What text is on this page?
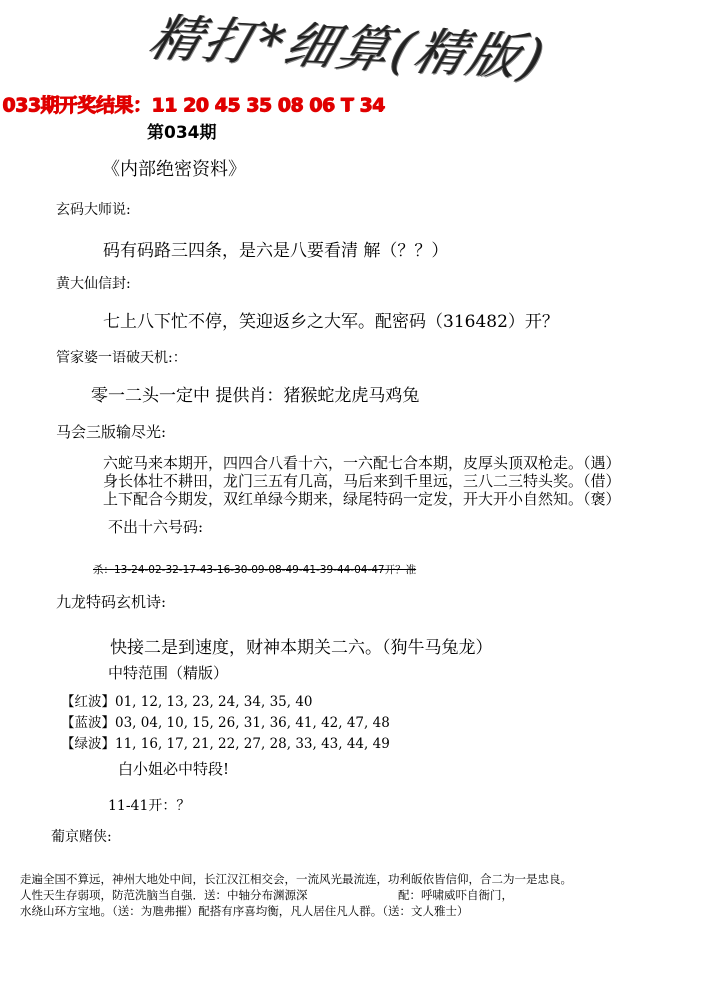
精打*细算(精版)
033期开奖结果：11 20 45 35 08 06 T 34
第034期
《内部绝密资料》
玄码大师说:
码有码路三四条，是六是八要看清 解（？？）
黄大仙信封:
七上八下忙不停，笑迎返乡之大军。配密码（316482）开？
管家婆一语破天机:：
零一二头一定中 提供肖：猪猴蛇龙虎马鸡兔
马会三版输尽光:
六蛇马来本期开，四四合八看十六，一六配七合本期，皮厚头顶双枪走。（遇）
身长体壮不耕田，龙门三五有几高，马后来到千里远，三八二三特头奖。（借）
上下配合今期发，双红单绿今期来，绿尾特码一定发，开大开小自然知。（褒）
不出十六号码:
杀：13-24-02-32-17-43-16-30-09-08-49-41-39-44-04-47开？准
九龙特码玄机诗:
快接二是到速度，财神本期关二六。（狗牛马兔龙）
中特范围（精版）
【红波】01, 12, 13, 23, 24, 34, 35, 40
【蓝波】03, 04, 10, 15, 26, 31, 36, 41, 42, 47, 48
【绿波】11, 16, 17, 21, 22, 27, 28, 33, 43, 44, 49
白小姐必中特段!
11-41开：？
葡京赌侠:
走遍全国不算远，神州大地处中间，长江汉江相交会，一流风光最流连，功利皈依皆信仰，合二为一是忠良。
人性天生存弱项，防范洗脑当自强．送：中轴分布渊源深	配：呼啸威吓自衙门，
水绕山环方宝地。（送：为虺弗摧）配搭有序喜均衡，凡人居住凡人群。（送：文人雅士）
